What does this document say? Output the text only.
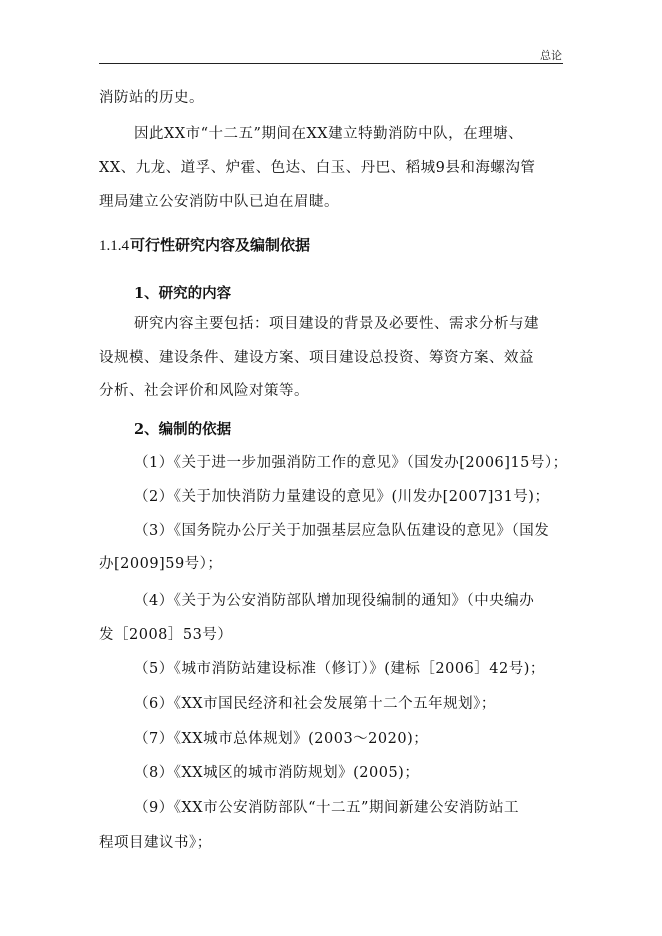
总论
消防站的历史。
因此XX市“十二五”期间在XX建立特勤消防中队，在理塘、
XX、九龙、道孚、炉霍、色达、白玉、丹巴、稻城9县和海螺沟管
理局建立公安消防中队已迫在眉睫。
1.1.4可行性研究内容及编制依据
1、研究的内容
研究内容主要包括：项目建设的背景及必要性、需求分析与建
设规模、建设条件、建设方案、项目建设总投资、筹资方案、效益
分析、社会评价和风险对策等。
2、编制的依据
（1）《关于进一步加强消防工作的意见》（国发办[2006]15号）；
（2）《关于加快消防力量建设的意见》(川发办[2007]31号)；
（3）《国务院办公厅关于加强基层应急队伍建设的意见》（国发
办[2009]59号）；
（4）《关于为公安消防部队增加现役编制的通知》（中央编办
发［2008］53号）
（5）《城市消防站建设标准（修订）》(建标［2006］42号)；
（6）《XX市国民经济和社会发展第十二个五年规划》；
（7）《XX城市总体规划》(2003～2020)；
（8）《XX城区的城市消防规划》(2005)；
（9）《XX市公安消防部队“十二五”期间新建公安消防站工
程项目建议书》；
